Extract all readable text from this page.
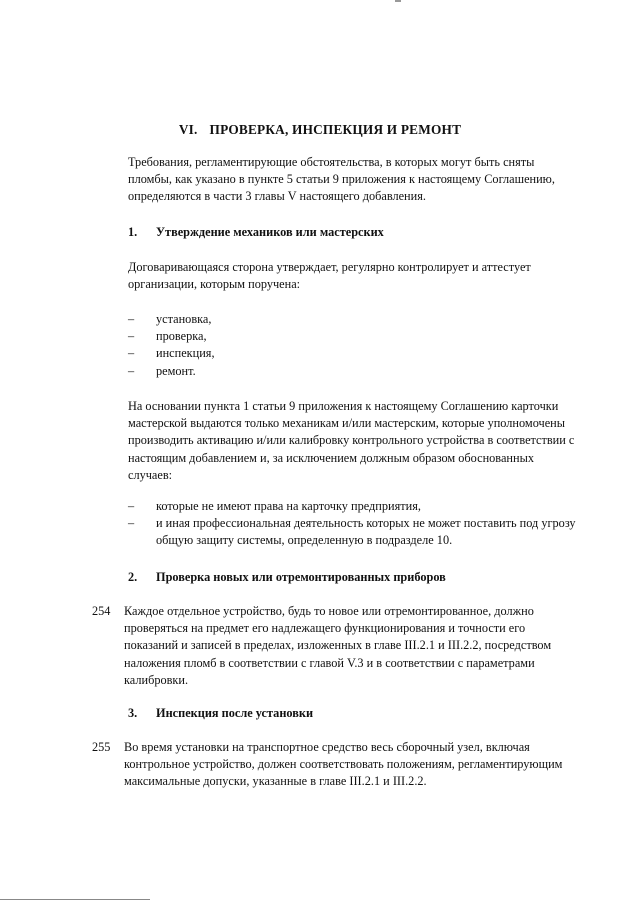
VI. ПРОВЕРКА, ИНСПЕКЦИЯ И РЕМОНТ

Требования, регламентирующие обстоятельства, в которых могут быть сняты

пломбы, как указано в пункте 5 статьи 9 приложения к настоящему Соглашению,

определяются в части 3 главы V настоящего добавления.

1. Утверждение механиков или мастерских

Договаривающаяся сторона утверждает, регулярно контролирует и аттестует

организации, которым поручена:

– установка,
– проверка,
– инспекция,
– ремонт.

На основании пункта 1 статьи 9 приложения к настоящему Соглашению карточки

мастерской выдаются только механикам и/или мастерским, которые уполномочены

производить активацию и/или калибровку контрольного устройства в соответствии с

настоящим добавлением и, за исключением должным образом обоснованных

случаев:

– которые не имеют права на карточку предприятия,
– и иная профессиональная деятельность которых не может поставить под угрозу
общую защиту системы, определенную в подразделе 10.
2. Проверка новых или отремонтированных приборов
254 Каждое отдельное устройство, будь то новое или отремонтированное, должно

проверяться на предмет его надлежащего функционирования и точности его

показаний и записей в пределах, изложенных в главе III.2.1 и III.2.2, посредством

наложения пломб в соответствии с главой V.3 и в соответствии с параметрами

калибровки.

3. Инспекция после установки
255 Во время установки на транспортное средство весь сборочный узел, включая

контрольное устройство, должен соответствовать положениям, регламентирующим

максимальные допуски, указанные в главе III.2.1 и III.2.2.
